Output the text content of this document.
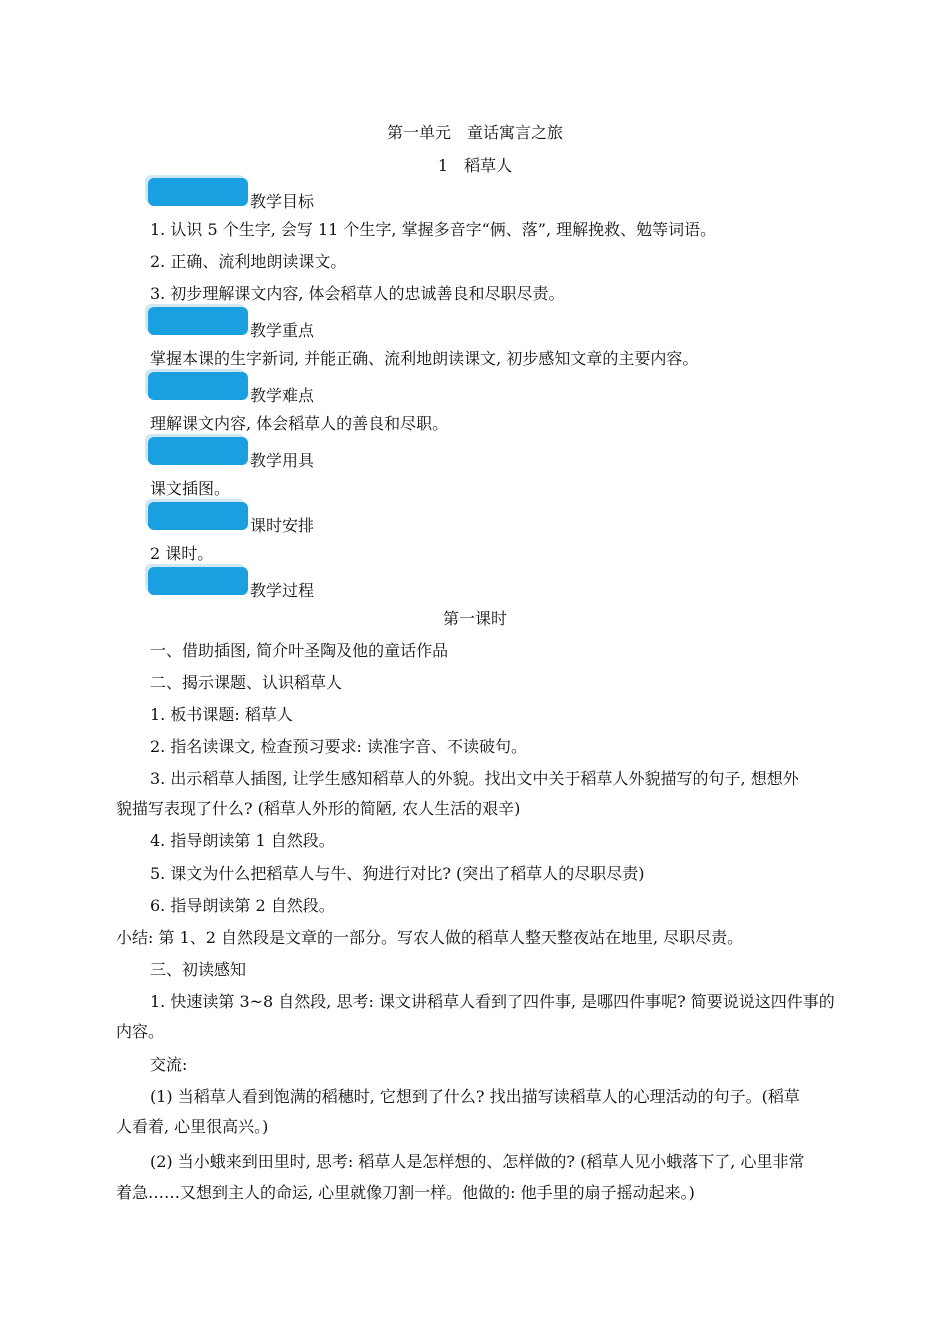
第一单元　童话寓言之旅
1　稻草人
教学目标
1. 认识 5 个生字, 会写 11 个生字, 掌握多音字“俩、落”, 理解挽救、勉等词语。
2. 正确、流利地朗读课文。
3. 初步理解课文内容, 体会稻草人的忠诚善良和尽职尽责。
教学重点
掌握本课的生字新词, 并能正确、流利地朗读课文, 初步感知文章的主要内容。
教学难点
理解课文内容, 体会稻草人的善良和尽职。
教学用具
课文插图。
课时安排
2 课时。
教学过程
第一课时
一、借助插图, 简介叶圣陶及他的童话作品
二、揭示课题、认识稻草人
1. 板书课题: 稻草人
2. 指名读课文, 检查预习要求: 读准字音、不读破句。
3. 出示稻草人插图, 让学生感知稻草人的外貌。找出文中关于稻草人外貌描写的句子, 想想外
貌描写表现了什么? (稻草人外形的简陋, 农人生活的艰辛)
4. 指导朗读第 1 自然段。
5. 课文为什么把稻草人与牛、狗进行对比? (突出了稻草人的尽职尽责)
6. 指导朗读第 2 自然段。
小结: 第 1、2 自然段是文章的一部分。写农人做的稻草人整天整夜站在地里, 尽职尽责。
三、初读感知
1. 快速读第 3~8 自然段, 思考: 课文讲稻草人看到了四件事, 是哪四件事呢? 简要说说这四件事的
内容。
交流:
(1) 当稻草人看到饱满的稻穗时, 它想到了什么? 找出描写读稻草人的心理活动的句子。(稻草
人看着, 心里很高兴。)
(2) 当小蛾来到田里时, 思考: 稻草人是怎样想的、怎样做的? (稻草人见小蛾落下了, 心里非常
着急……又想到主人的命运, 心里就像刀割一样。他做的: 他手里的扇子摇动起来。)
